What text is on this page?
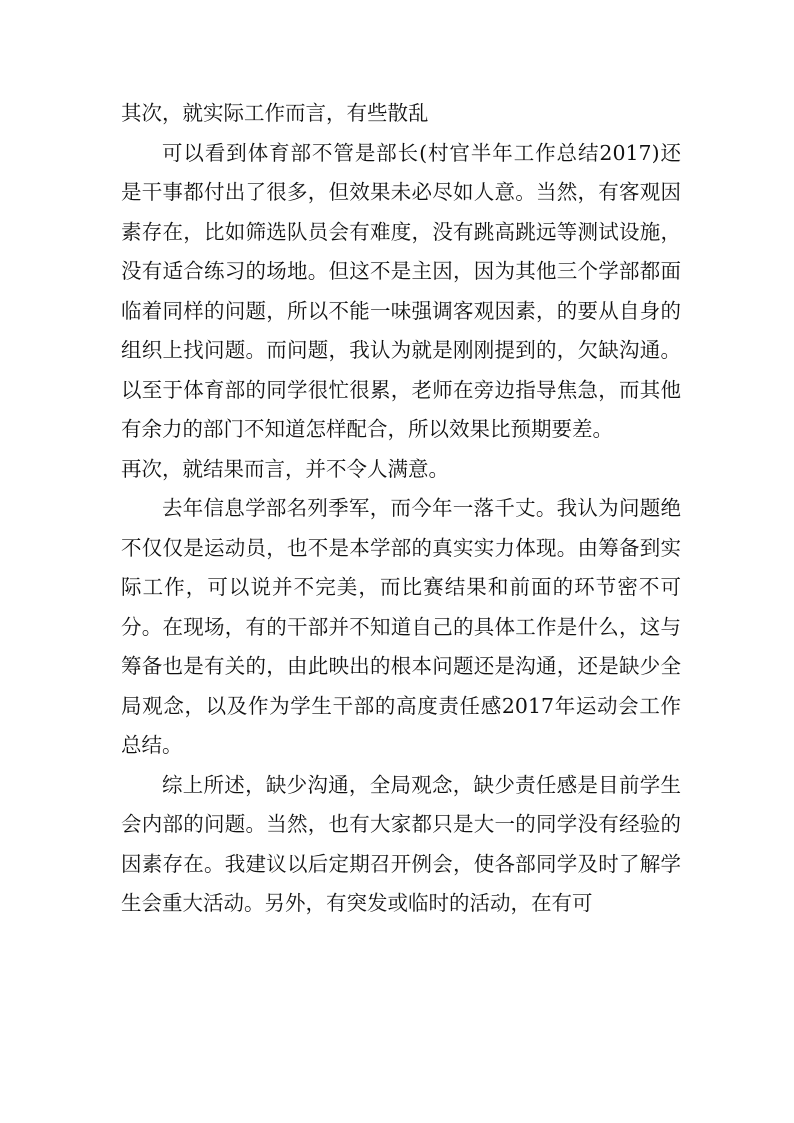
其次，就实际工作而言，有些散乱

可以看到体育部不管是部长(村官半年工作总结2017)还是干事都付出了很多，但效果未必尽如人意。当然，有客观因素存在，比如筛选队员会有难度，没有跳高跳远等测试设施，没有适合练习的场地。但这不是主因，因为其他三个学部都面临着同样的问题，所以不能一味强调客观因素，的要从自身的组织上找问题。而问题，我认为就是刚刚提到的，欠缺沟通。以至于体育部的同学很忙很累，老师在旁边指导焦急，而其他有余力的部门不知道怎样配合，所以效果比预期要差。

再次，就结果而言，并不令人满意。

去年信息学部名列季军，而今年一落千丈。我认为问题绝不仅仅是运动员，也不是本学部的真实实力体现。由筹备到实际工作，可以说并不完美，而比赛结果和前面的环节密不可分。在现场，有的干部并不知道自己的具体工作是什么，这与筹备也是有关的，由此映出的根本问题还是沟通，还是缺少全局观念，以及作为学生干部的高度责任感2017年运动会工作总结。

综上所述，缺少沟通，全局观念，缺少责任感是目前学生会内部的问题。当然，也有大家都只是大一的同学没有经验的因素存在。我建议以后定期召开例会，使各部同学及时了解学生会重大活动。另外，有突发或临时的活动，在有可
